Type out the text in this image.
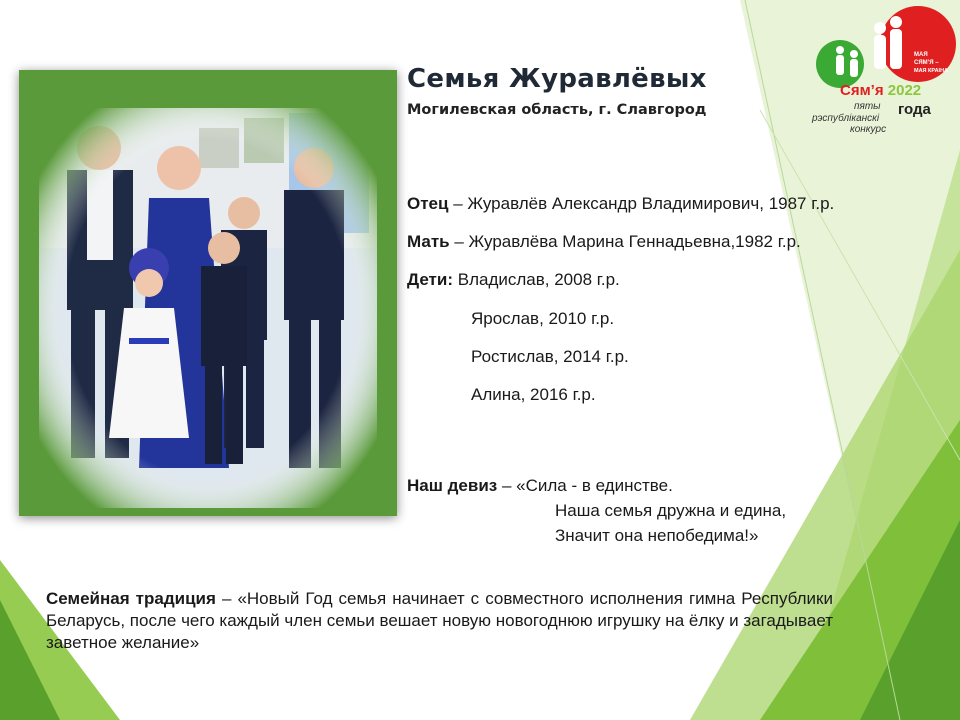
Семья Журавлёвых
Могилевская область, г. Славгород
Отец – Журавлёв Александр Владимирович, 1987 г.р.
Мать – Журавлёва Марина Геннадьевна,1982 г.р.
Дети: Владислав, 2008 г.р.
Ярослав, 2010 г.р.
Ростислав, 2014 г.р.
Алина, 2016 г.р.
Наш девиз – «Сила - в единстве.
Наша семья дружна и едина,
Значит она непобедима!»
Семейная традиция – «Новый Год семья начинает с совместного исполнения гимна Республики Беларусь, после чего каждый член семьи вешает новую новогоднюю игрушку на ёлку и загадывает заветное желание»
МАЯ
СЯМ’Я –
МАЯ КРАІНА
Сям’я 2022
пяты года
рэспубліканскі
конкурс
